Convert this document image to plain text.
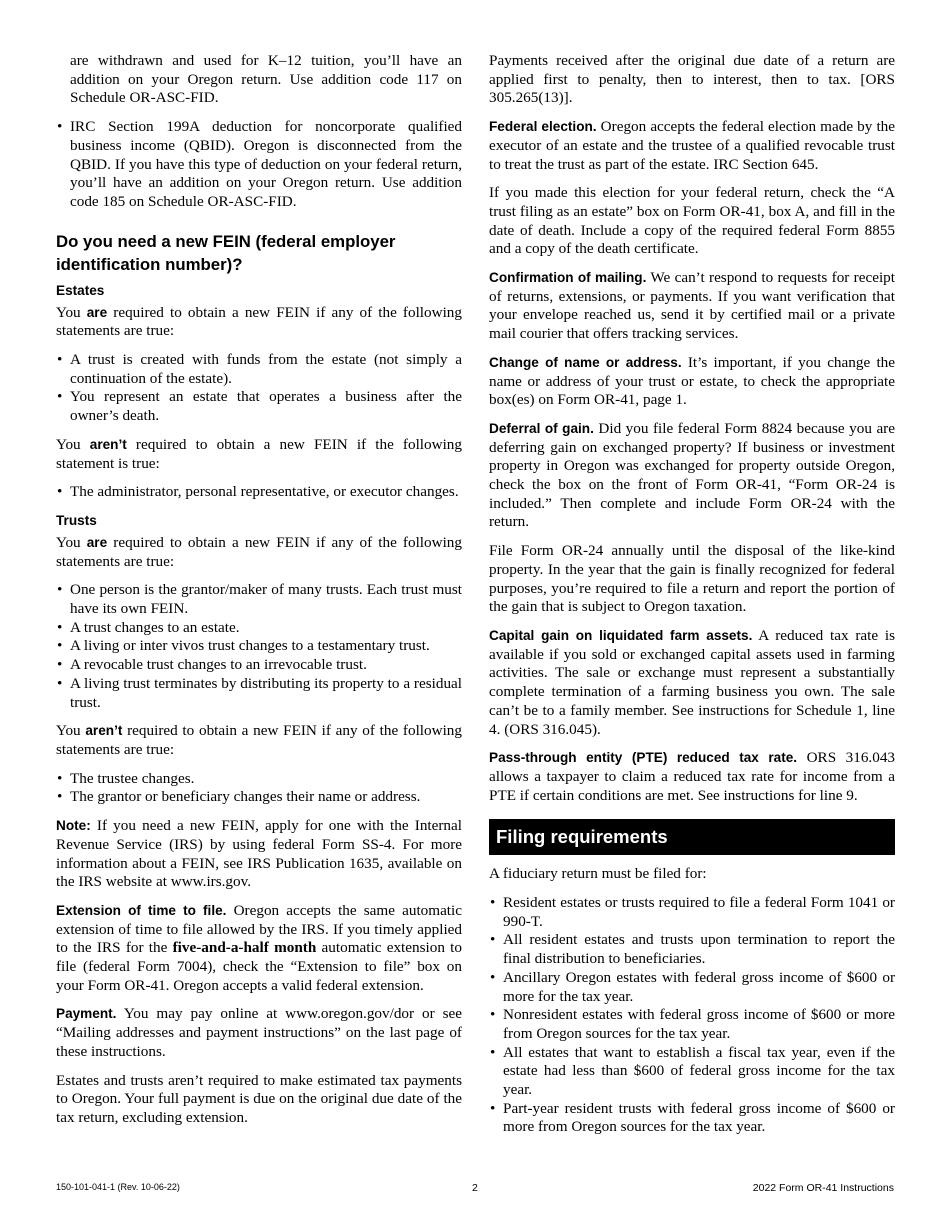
are withdrawn and used for K–12 tuition, you’ll have an addition on your Oregon return. Use addition code 117 on Schedule OR-ASC-FID.

• IRC Section 199A deduction for noncorporate qualified business income (QBID). Oregon is disconnected from the QBID. If you have this type of deduction on your federal return, you’ll have an addition on your Oregon return. Use addition code 185 on Schedule OR-ASC-FID.
Do you need a new FEIN (federal employer identification number)?
Estates

You are required to obtain a new FEIN if any of the following statements are true:

• A trust is created with funds from the estate (not simply a continuation of the estate).
• You represent an estate that operates a business after the owner’s death.

You aren’t required to obtain a new FEIN if the following statement is true:

• The administrator, personal representative, or executor changes.
Trusts

You are required to obtain a new FEIN if any of the following statements are true:

• One person is the grantor/maker of many trusts. Each trust must have its own FEIN.
• A trust changes to an estate.
• A living or inter vivos trust changes to a testamentary trust.
• A revocable trust changes to an irrevocable trust.
• A living trust terminates by distributing its property to a residual trust.

You aren’t required to obtain a new FEIN if any of the following statements are true:

• The trustee changes.
• The grantor or beneficiary changes their name or address.

Note: If you need a new FEIN, apply for one with the Internal Revenue Service (IRS) by using federal Form SS-4. For more information about a FEIN, see IRS Publication 1635, available on the IRS website at www.irs.gov.

Extension of time to file. Oregon accepts the same automatic extension of time to file allowed by the IRS. If you timely applied to the IRS for the five-and-a-half month automatic extension to file (federal Form 7004), check the “Extension to file” box on your Form OR-41. Oregon accepts a valid federal extension.

Payment. You may pay online at www.oregon.gov/dor or see “Mailing addresses and payment instructions” on the last page of these instructions.

Estates and trusts aren’t required to make estimated tax payments to Oregon. Your full payment is due on the original due date of the tax return, excluding extension.

Payments received after the original due date of a return are applied first to penalty, then to interest, then to tax. [ORS 305.265(13)].

Federal election. Oregon accepts the federal election made by the executor of an estate and the trustee of a qualified revocable trust to treat the trust as part of the estate. IRC Section 645.

If you made this election for your federal return, check the “A trust filing as an estate” box on Form OR-41, box A, and fill in the date of death. Include a copy of the required federal Form 8855 and a copy of the death certificate.

Confirmation of mailing. We can’t respond to requests for receipt of returns, extensions, or payments. If you want verification that your envelope reached us, send it by certified mail or a private mail courier that offers tracking services.

Change of name or address. It’s important, if you change the name or address of your trust or estate, to check the appropriate box(es) on Form OR-41, page 1.

Deferral of gain. Did you file federal Form 8824 because you are deferring gain on exchanged property? If business or investment property in Oregon was exchanged for property outside Oregon, check the box on the front of Form OR-41, “Form OR-24 is included.” Then complete and include Form OR-24 with the return.

File Form OR-24 annually until the disposal of the like-kind property. In the year that the gain is finally recognized for federal purposes, you’re required to file a return and report the portion of the gain that is subject to Oregon taxation.

Capital gain on liquidated farm assets. A reduced tax rate is available if you sold or exchanged capital assets used in farming activities. The sale or exchange must represent a substantially complete termination of a farming business you own. The sale can’t be to a family member. See instructions for Schedule 1, line 4. (ORS 316.045).

Pass-through entity (PTE) reduced tax rate. ORS 316.043 allows a taxpayer to claim a reduced tax rate for income from a PTE if certain conditions are met. See instructions for line 9.

Filing requirements

A fiduciary return must be filed for:

• Resident estates or trusts required to file a federal Form 1041 or 990-T.
• All resident estates and trusts upon termination to report the final distribution to beneficiaries.
• Ancillary Oregon estates with federal gross income of $600 or more for the tax year.
• Nonresident estates with federal gross income of $600 or more from Oregon sources for the tax year.
• All estates that want to establish a fiscal tax year, even if the estate had less than $600 of federal gross income for the tax year.
• Part-year resident trusts with federal gross income of $600 or more from Oregon sources for the tax year.
150-101-041-1 (Rev. 10-06-22)	2	2022 Form OR-41 Instructions
